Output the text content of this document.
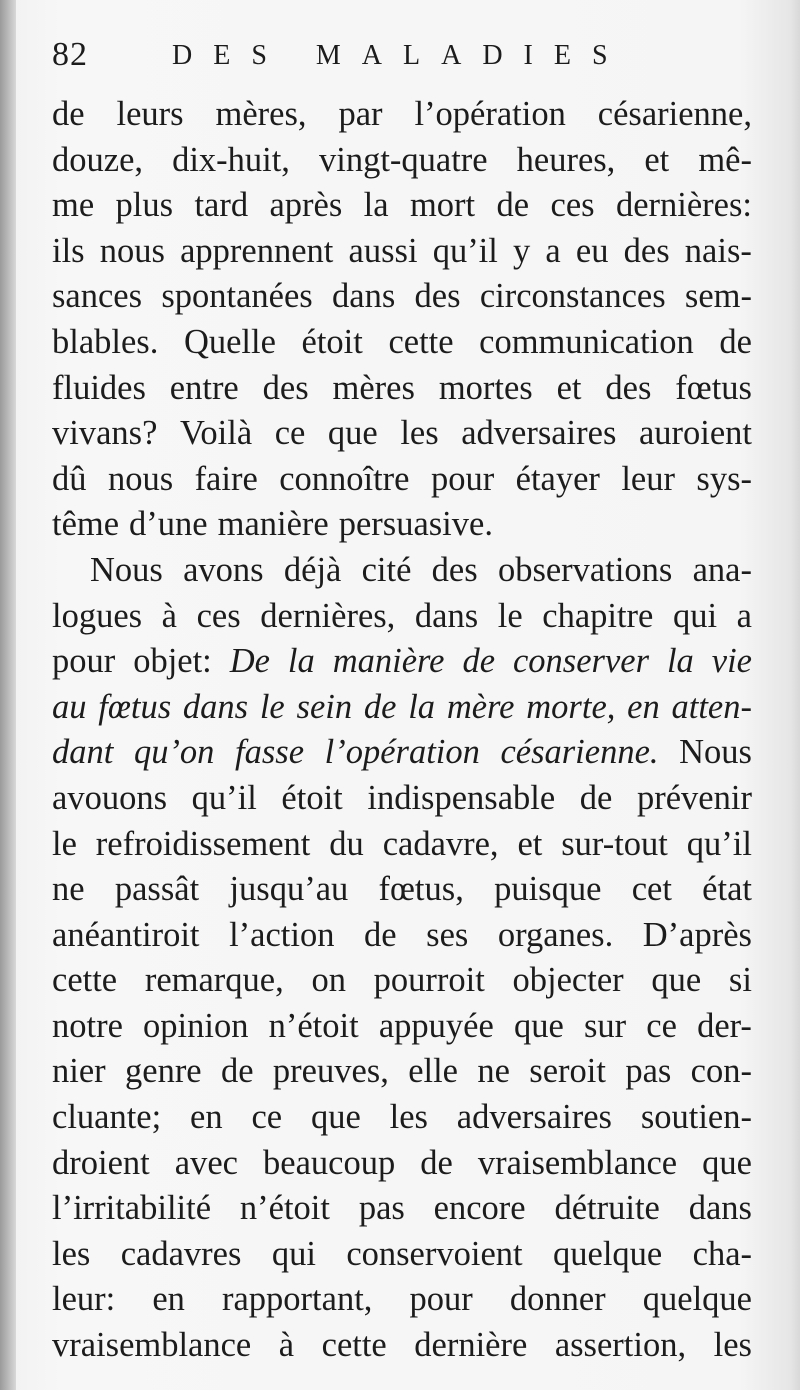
82	DES MALADIES
de leurs mères, par l’opération césarienne,
douze, dix-huit, vingt-quatre heures, et mê-
me plus tard après la mort de ces dernières:
ils nous apprennent aussi qu’il y a eu des nais-
sances spontanées dans des circonstances sem-
blables. Quelle étoit cette communication de
fluides entre des mères mortes et des fœtus
vivans? Voilà ce que les adversaires auroient
dû nous faire connoître pour étayer leur sys-
tême d’une manière persuasive.
Nous avons déjà cité des observations ana-
logues à ces dernières, dans le chapitre qui a
pour objet: De la manière de conserver la vie
au fœtus dans le sein de la mère morte, en atten-
dant qu’on fasse l’opération césarienne. Nous
avouons qu’il étoit indispensable de prévenir
le refroidissement du cadavre, et sur-tout qu’il
ne passât jusqu’au fœtus, puisque cet état
anéantiroit l’action de ses organes. D’après
cette remarque, on pourroit objecter que si
notre opinion n’étoit appuyée que sur ce der-
nier genre de preuves, elle ne seroit pas con-
cluante; en ce que les adversaires soutien-
droient avec beaucoup de vraisemblance que
l’irritabilité n’étoit pas encore détruite dans
les cadavres qui conservoient quelque cha-
leur: en rapportant, pour donner quelque
vraisemblance à cette dernière assertion, les
